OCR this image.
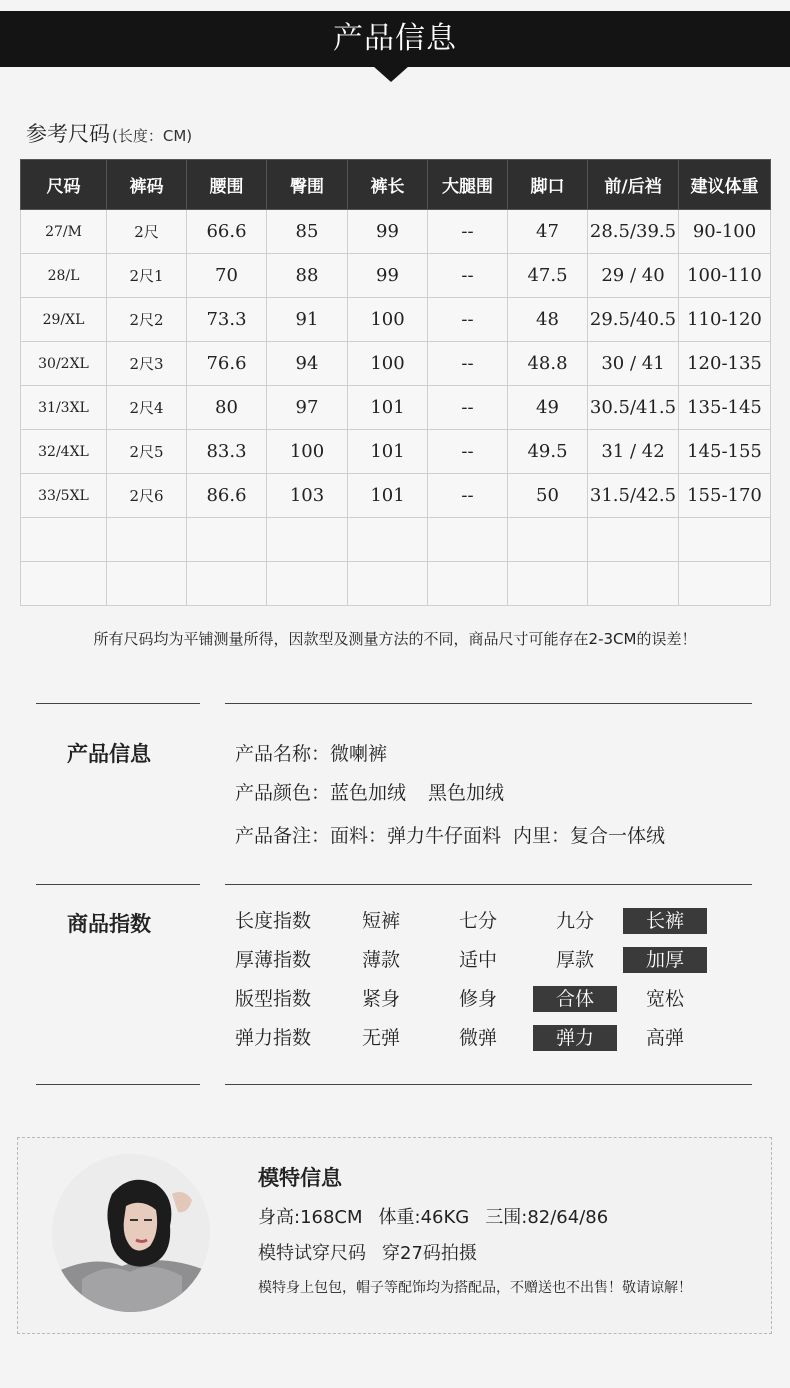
产品信息
参考尺码 (长度：CM)
尺码	裤码	腰围	臀围	裤长	大腿围	脚口	前/后裆	建议体重
27/M	2尺	66.6	85	99	--	47	28.5/39.5	90-100
28/L	2尺1	70	88	99	--	47.5	29 / 40	100-110
29/XL	2尺2	73.3	91	100	--	48	29.5/40.5	110-120
30/2XL	2尺3	76.6	94	100	--	48.8	30 / 41	120-135
31/3XL	2尺4	80	97	101	--	49	30.5/41.5	135-145
32/4XL	2尺5	83.3	100	101	--	49.5	31 / 42	145-155
33/5XL	2尺6	86.6	103	101	--	50	31.5/42.5	155-170

所有尺码均为平铺测量所得，因款型及测量方法的不同，商品尺寸可能存在2-3CM的误差！
产品信息	产品名称：微喇裤
产品颜色：蓝色加绒 黑色加绒
产品备注：面料：弹力牛仔面料 内里：复合一体绒
商品指数	长度指数	短裤	七分	九分	长裤
厚薄指数	薄款	适中	厚款	加厚
版型指数	紧身	修身	合体	宽松
弹力指数	无弹	微弹	弹力	高弹
模特信息
身高:168CM 体重:46KG 三围:82/64/86
模特试穿尺码 穿27码拍摄
模特身上包包，帽子等配饰均为搭配品，不赠送也不出售！敬请谅解！
